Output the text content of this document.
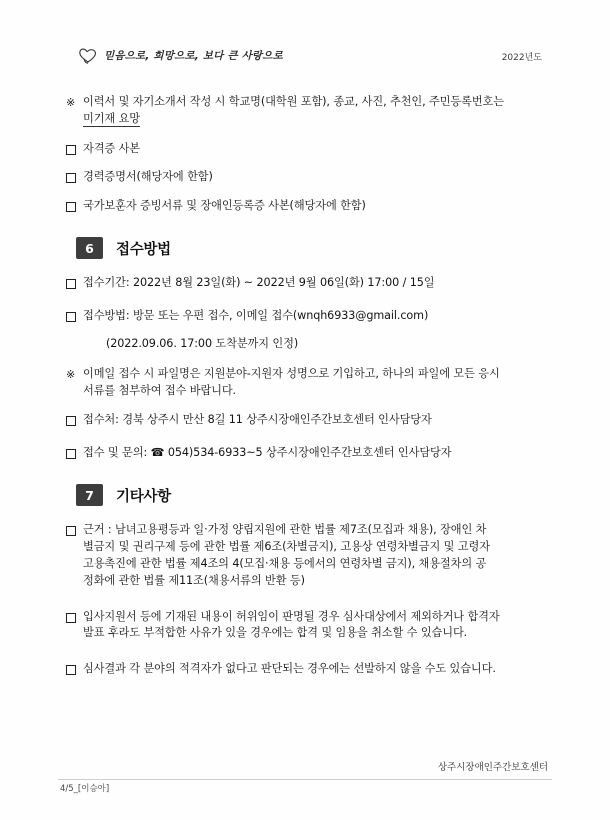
믿음으로, 희망으로, 보다 큰 사랑으로	2022년도
※ 이력서 및 자기소개서 작성 시 학교명(대학원 포함), 종교, 사진, 추천인, 주민등록번호는
미기재 요망
자격증 사본
경력증명서(해당자에 한함)
국가보훈자 증빙서류 및 장애인등록증 사본(해당자에 한함)
6	접수방법
접수기간: 2022년 8월 23일(화) ~ 2022년 9월 06일(화) 17:00 / 15일
접수방법: 방문 또는 우편 접수, 이메일 접수(wnqh6933@gmail.com)
(2022.09.06. 17:00 도착분까지 인정)
※ 이메일 접수 시 파일명은 지원분야-지원자 성명으로 기입하고, 하나의 파일에 모든 응시
서류를 첨부하여 접수 바랍니다.
접수처: 경북 상주시 만산 8길 11 상주시장애인주간보호센터 인사담당자
접수 및 문의: ☎ 054)534-6933~5 상주시장애인주간보호센터 인사담당자
7	기타사항
근거 : 남녀고용평등과 일·가정 양립지원에 관한 법률 제7조(모집과 채용), 장애인 차
별금지 및 권리구제 등에 관한 법률 제6조(차별금지), 고용상 연령차별금지 및 고령자
고용촉진에 관한 법률 제4조의 4(모집·채용 등에서의 연령차별 금지), 채용절차의 공
정화에 관한 법률 제11조(채용서류의 반환 등)
입사지원서 등에 기재된 내용이 허위임이 판명될 경우 심사대상에서 제외하거나 합격자
발표 후라도 부적합한 사유가 있을 경우에는 합격 및 임용을 취소할 수 있습니다.
심사결과 각 분야의 적격자가 없다고 판단되는 경우에는 선발하지 않을 수도 있습니다.
상주시장애인주간보호센터
4/5_[이승아]
